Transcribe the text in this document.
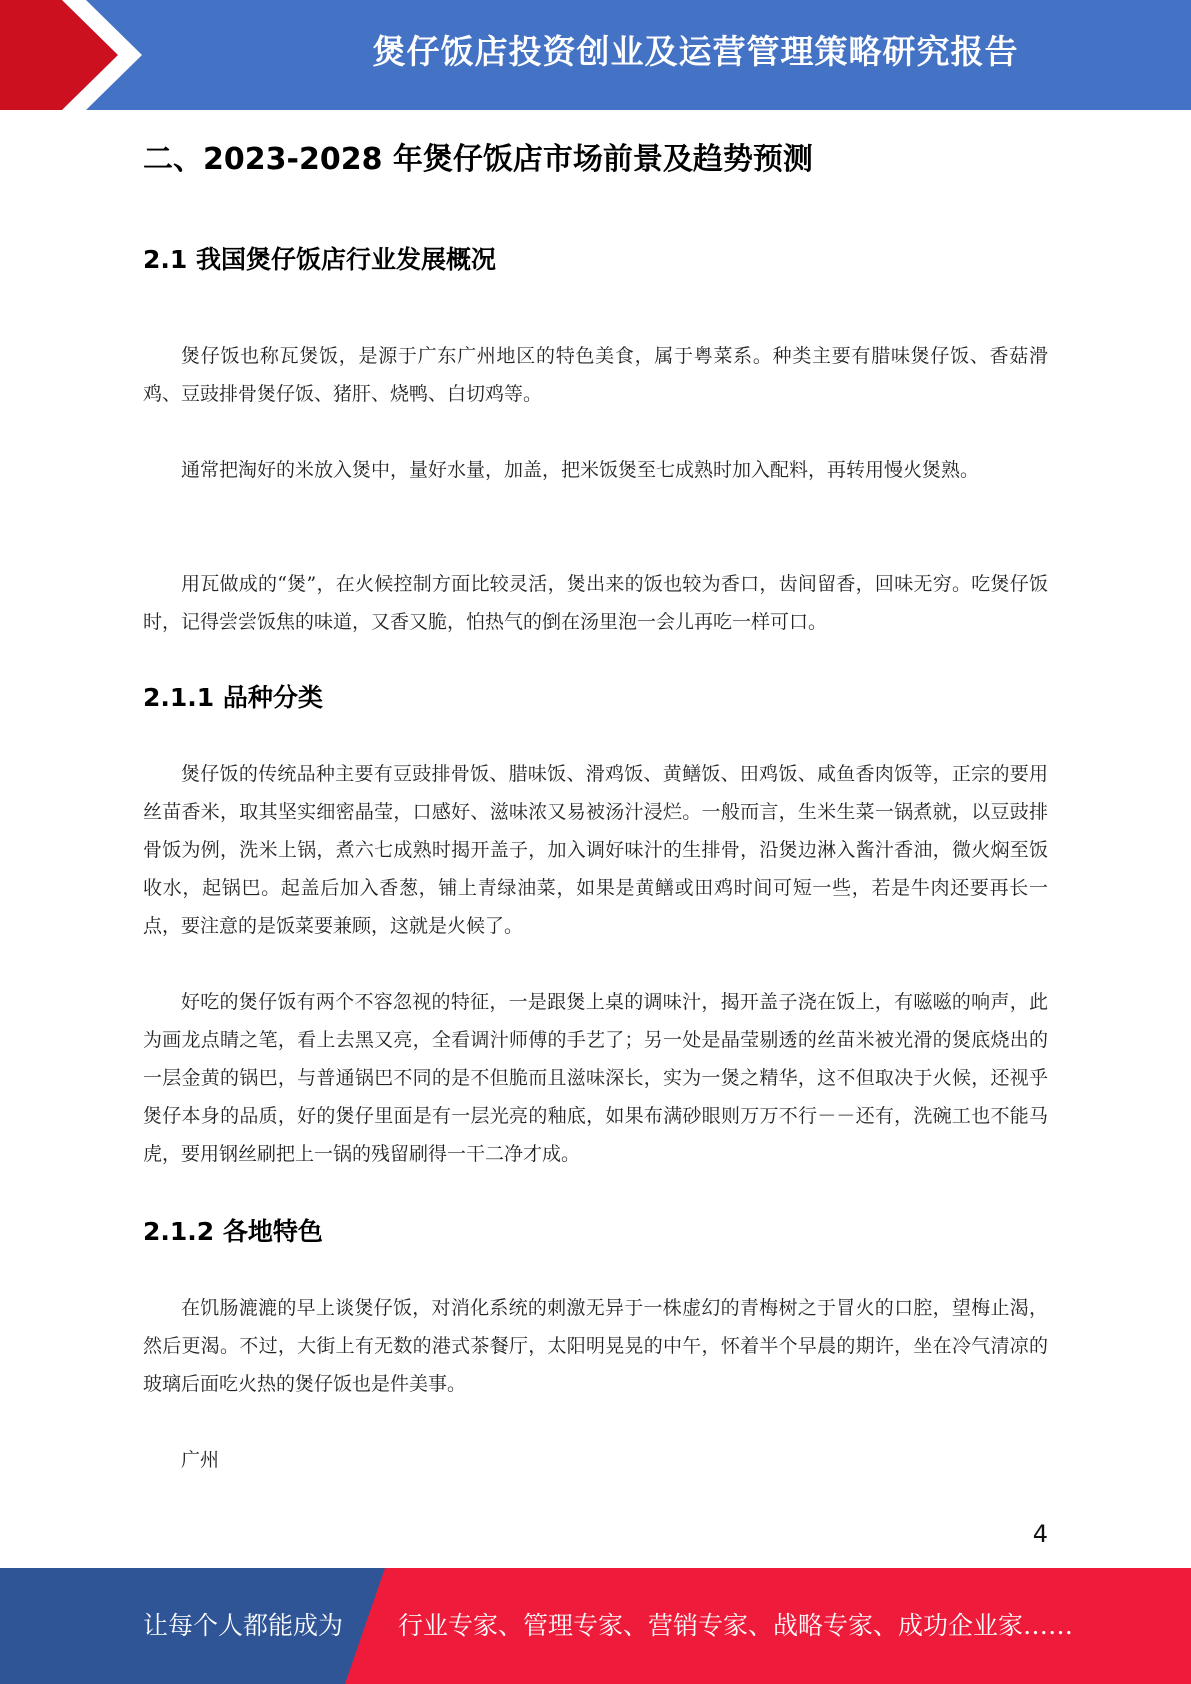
煲仔饭店投资创业及运营管理策略研究报告
二、2023-2028 年煲仔饭店市场前景及趋势预测
2.1 我国煲仔饭店行业发展概况

煲仔饭也称瓦煲饭，是源于广东广州地区的特色美食，属于粤菜系。种类主要有腊味煲仔饭、香菇滑鸡、豆豉排骨煲仔饭、猪肝、烧鸭、白切鸡等。

通常把淘好的米放入煲中，量好水量，加盖，把米饭煲至七成熟时加入配料，再转用慢火煲熟。

用瓦做成的“煲”，在火候控制方面比较灵活，煲出来的饭也较为香口，齿间留香，回味无穷。吃煲仔饭时，记得尝尝饭焦的味道，又香又脆，怕热气的倒在汤里泡一会儿再吃一样可口。

2.1.1 品种分类

煲仔饭的传统品种主要有豆豉排骨饭、腊味饭、滑鸡饭、黄鳝饭、田鸡饭、咸鱼香肉饭等，正宗的要用丝苗香米，取其坚实细密晶莹，口感好、滋味浓又易被汤汁浸烂。一般而言，生米生菜一锅煮就，以豆豉排骨饭为例，洗米上锅，煮六七成熟时揭开盖子，加入调好味汁的生排骨，沿煲边淋入酱汁香油，微火焖至饭收水，起锅巴。起盖后加入香葱，铺上青绿油菜，如果是黄鳝或田鸡时间可短一些，若是牛肉还要再长一点，要注意的是饭菜要兼顾，这就是火候了。

好吃的煲仔饭有两个不容忽视的特征，一是跟煲上桌的调味汁，揭开盖子浇在饭上，有嗞嗞的响声，此为画龙点睛之笔，看上去黑又亮，全看调汁师傅的手艺了；另一处是晶莹剔透的丝苗米被光滑的煲底烧出的一层金黄的锅巴，与普通锅巴不同的是不但脆而且滋味深长，实为一煲之精华，这不但取决于火候，还视乎煲仔本身的品质，好的煲仔里面是有一层光亮的釉底，如果布满砂眼则万万不行－－还有，洗碗工也不能马虎，要用钢丝刷把上一锅的残留刷得一干二净才成。

2.1.2 各地特色

在饥肠漉漉的早上谈煲仔饭，对消化系统的刺激无异于一株虚幻的青梅树之于冒火的口腔，望梅止渴，然后更渴。不过，大街上有无数的港式茶餐厅，太阳明晃晃的中午，怀着半个早晨的期许，坐在冷气清凉的玻璃后面吃火热的煲仔饭也是件美事。

广州

4
让每个人都能成为 行业专家、管理专家、营销专家、战略专家、成功企业家……
